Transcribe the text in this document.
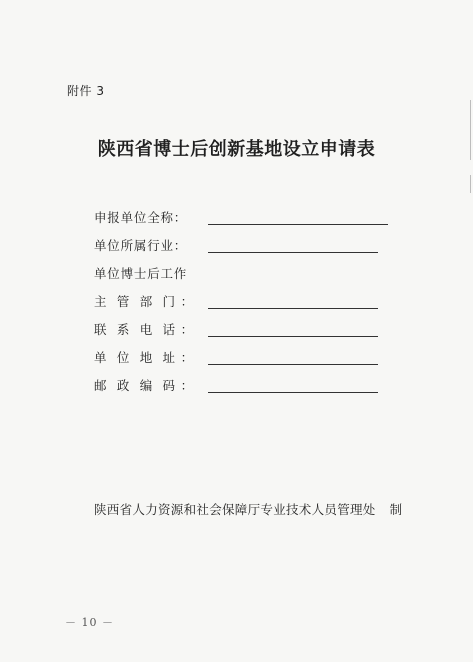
附件 3
陕西省博士后创新基地设立申请表
申报单位全称：
单位所属行业：
单位博士后工作
主  管  部  门 ：
联  系  电  话 ：
单  位  地  址 ：
邮  政  编  码 ：
陕西省人力资源和社会保障厅专业技术人员管理处 制
－ 10 －
